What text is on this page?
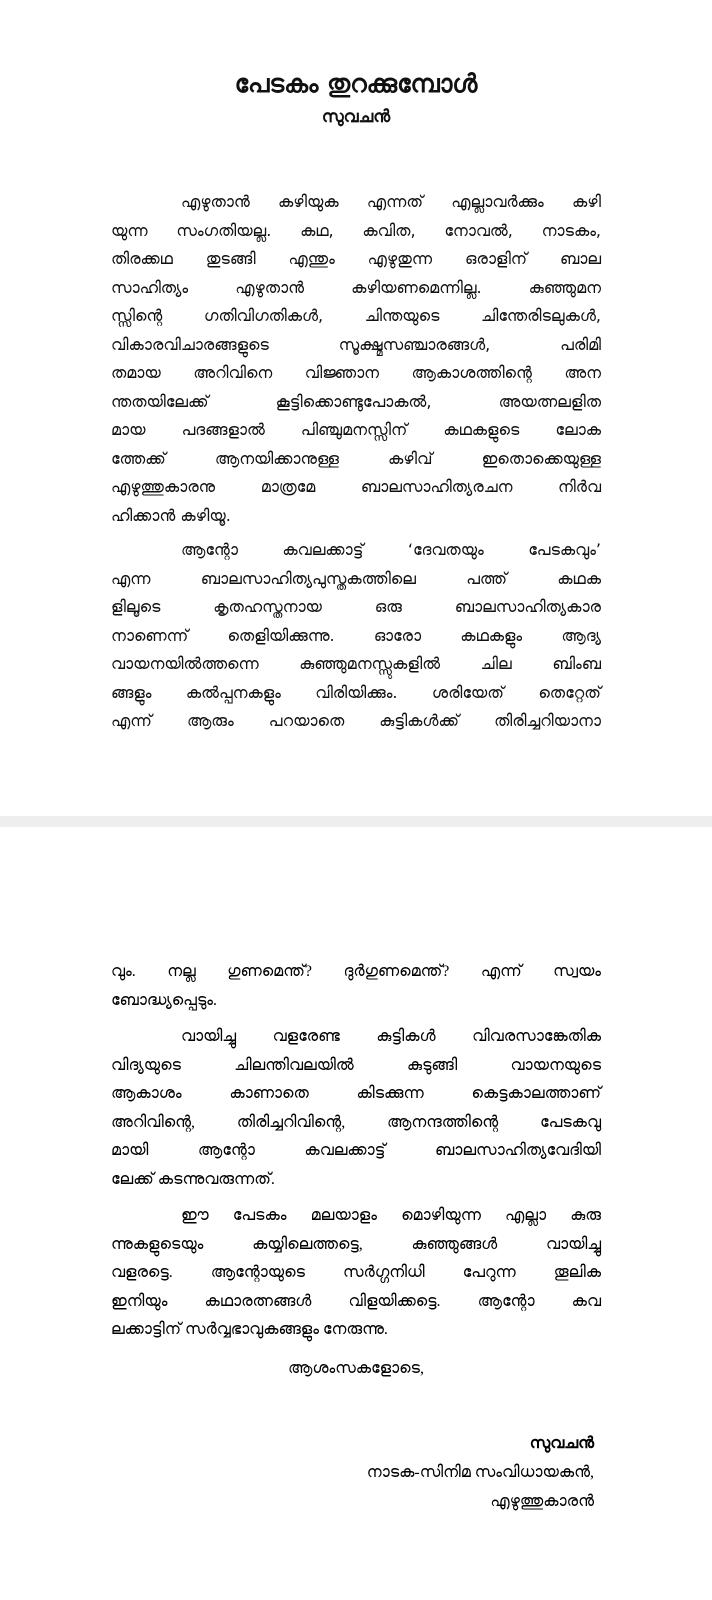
പേടകം തുറക്കുമ്പോൾ
സുവചൻ
എഴുതാൻ കഴിയുക എന്നത് എല്ലാവർക്കും കഴി
യുന്ന സംഗതിയല്ല. കഥ, കവിത, നോവൽ, നാടകം,
തിരക്കഥ തുടങ്ങി എന്തും എഴുതുന്ന ഒരാളിന് ബാല
സാഹിത്യം എഴുതാൻ കഴിയണമെന്നില്ല. കുഞ്ഞുമന
സ്സിന്റെ ഗതിവിഗതികൾ, ചിന്തയുടെ ചിന്തേരിടലുകൾ,
വികാരവിചാരങ്ങളുടെ സൂക്ഷ്മസഞ്ചാരങ്ങൾ, പരിമി
തമായ അറിവിനെ വിജ്ഞാന ആകാശത്തിന്റെ അന
ന്തതയിലേക്ക് കൂട്ടിക്കൊണ്ടുപോകൽ, അയത്നലളിത
മായ പദങ്ങളാൽ പിഞ്ചുമനസ്സിന് കഥകളുടെ ലോക
ത്തേക്ക് ആനയിക്കാനുള്ള കഴിവ് ഇതൊക്കെയുള്ള
എഴുത്തുകാരനു മാത്രമേ ബാലസാഹിത്യരചന നിർവ
ഹിക്കാൻ കഴിയൂ.
ആന്റോ കവലക്കാട്ട് ‘ദേവതയും പേടകവും’
എന്ന ബാലസാഹിത്യപുസ്തകത്തിലെ പത്ത് കഥക
ളിലൂടെ കൃതഹസ്തനായ ഒരു ബാലസാഹിത്യകാര
നാണെന്ന് തെളിയിക്കുന്നു. ഓരോ കഥകളും ആദ്യ
വായനയിൽത്തന്നെ കുഞ്ഞുമനസ്സുകളിൽ ചില ബിംബ
ങ്ങളും കൽപ്പനകളും വിരിയിക്കും. ശരിയേത് തെറ്റേത്
എന്ന് ആരും പറയാതെ കുട്ടികൾക്ക് തിരിച്ചറിയാനാ
വും. നല്ല ഗുണമെന്ത്? ദുർഗുണമെന്ത്? എന്ന് സ്വയം
ബോദ്ധ്യപ്പെടും.
വായിച്ചു വളരേണ്ട കുട്ടികൾ വിവരസാങ്കേതിക
വിദ്യയുടെ ചിലന്തിവലയിൽ കുടുങ്ങി വായനയുടെ
ആകാശം കാണാതെ കിടക്കുന്ന കെട്ടകാലത്താണ്
അറിവിന്റെ, തിരിച്ചറിവിന്റെ, ആനന്ദത്തിന്റെ പേടകവു
മായി ആന്റോ കവലക്കാട്ട് ബാലസാഹിത്യവേദിയി
ലേക്ക് കടന്നുവരുന്നത്.
ഈ പേടകം മലയാളം മൊഴിയുന്ന എല്ലാ കുരു
ന്നുകളുടെയും കയ്യിലെത്തട്ടെ, കുഞ്ഞുങ്ങൾ വായിച്ചു
വളരട്ടെ. ആന്റോയുടെ സർഗ്ഗനിധി പേറുന്ന തൂലിക
ഇനിയും കഥാരത്നങ്ങൾ വിളയിക്കട്ടെ. ആന്റോ കവ
ലക്കാട്ടിന് സർവ്വഭാവുകങ്ങളും നേരുന്നു.
ആശംസകളോടെ,
സുവചൻ
നാടക-സിനിമ സംവിധായകൻ,
എഴുത്തുകാരൻ
